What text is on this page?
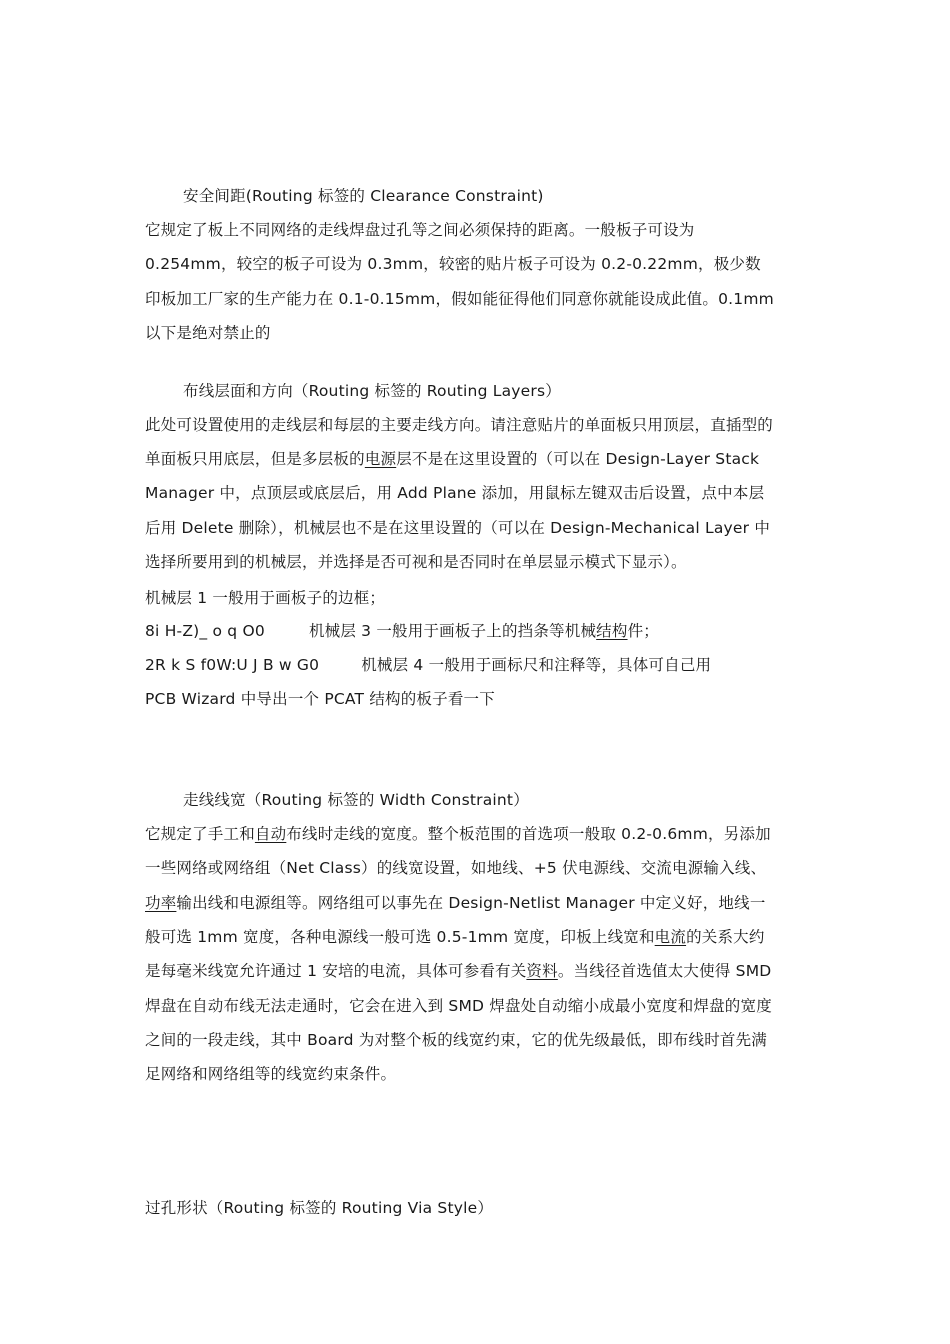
安全间距(Routing 标签的 Clearance Constraint)
它规定了板上不同网络的走线焊盘过孔等之间必须保持的距离。一般板子可设为
0.254mm，较空的板子可设为 0.3mm，较密的贴片板子可设为 0.2-0.22mm，极少数
印板加工厂家的生产能力在 0.1-0.15mm，假如能征得他们同意你就能设成此值。0.1mm
以下是绝对禁止的
布线层面和方向（Routing 标签的 Routing Layers）
此处可设置使用的走线层和每层的主要走线方向。请注意贴片的单面板只用顶层，直插型的
单面板只用底层，但是多层板的电源层不是在这里设置的（可以在 Design-Layer Stack
Manager 中，点顶层或底层后，用 Add Plane 添加，用鼠标左键双击后设置，点中本层
后用 Delete 删除），机械层也不是在这里设置的（可以在 Design-Mechanical Layer 中
选择所要用到的机械层，并选择是否可视和是否同时在单层显示模式下显示）。
机械层 1 一般用于画板子的边框；
8i H-Z)_ o q O0	机械层 3 一般用于画板子上的挡条等机械结构件；
2R k S f0W:U J B w G0	机械层 4 一般用于画标尺和注释等，具体可自己用
PCB Wizard 中导出一个 PCAT 结构的板子看一下
走线线宽（Routing 标签的 Width Constraint）
它规定了手工和自动布线时走线的宽度。整个板范围的首选项一般取 0.2-0.6mm，另添加
一些网络或网络组（Net Class）的线宽设置，如地线、+5 伏电源线、交流电源输入线、
功率输出线和电源组等。网络组可以事先在 Design-Netlist Manager 中定义好，地线一
般可选 1mm 宽度，各种电源线一般可选 0.5-1mm 宽度，印板上线宽和电流的关系大约
是每毫米线宽允许通过 1 安培的电流，具体可参看有关资料。当线径首选值太大使得 SMD
焊盘在自动布线无法走通时，它会在进入到 SMD 焊盘处自动缩小成最小宽度和焊盘的宽度
之间的一段走线，其中 Board 为对整个板的线宽约束，它的优先级最低，即布线时首先满
足网络和网络组等的线宽约束条件。
过孔形状（Routing 标签的 Routing Via Style）
